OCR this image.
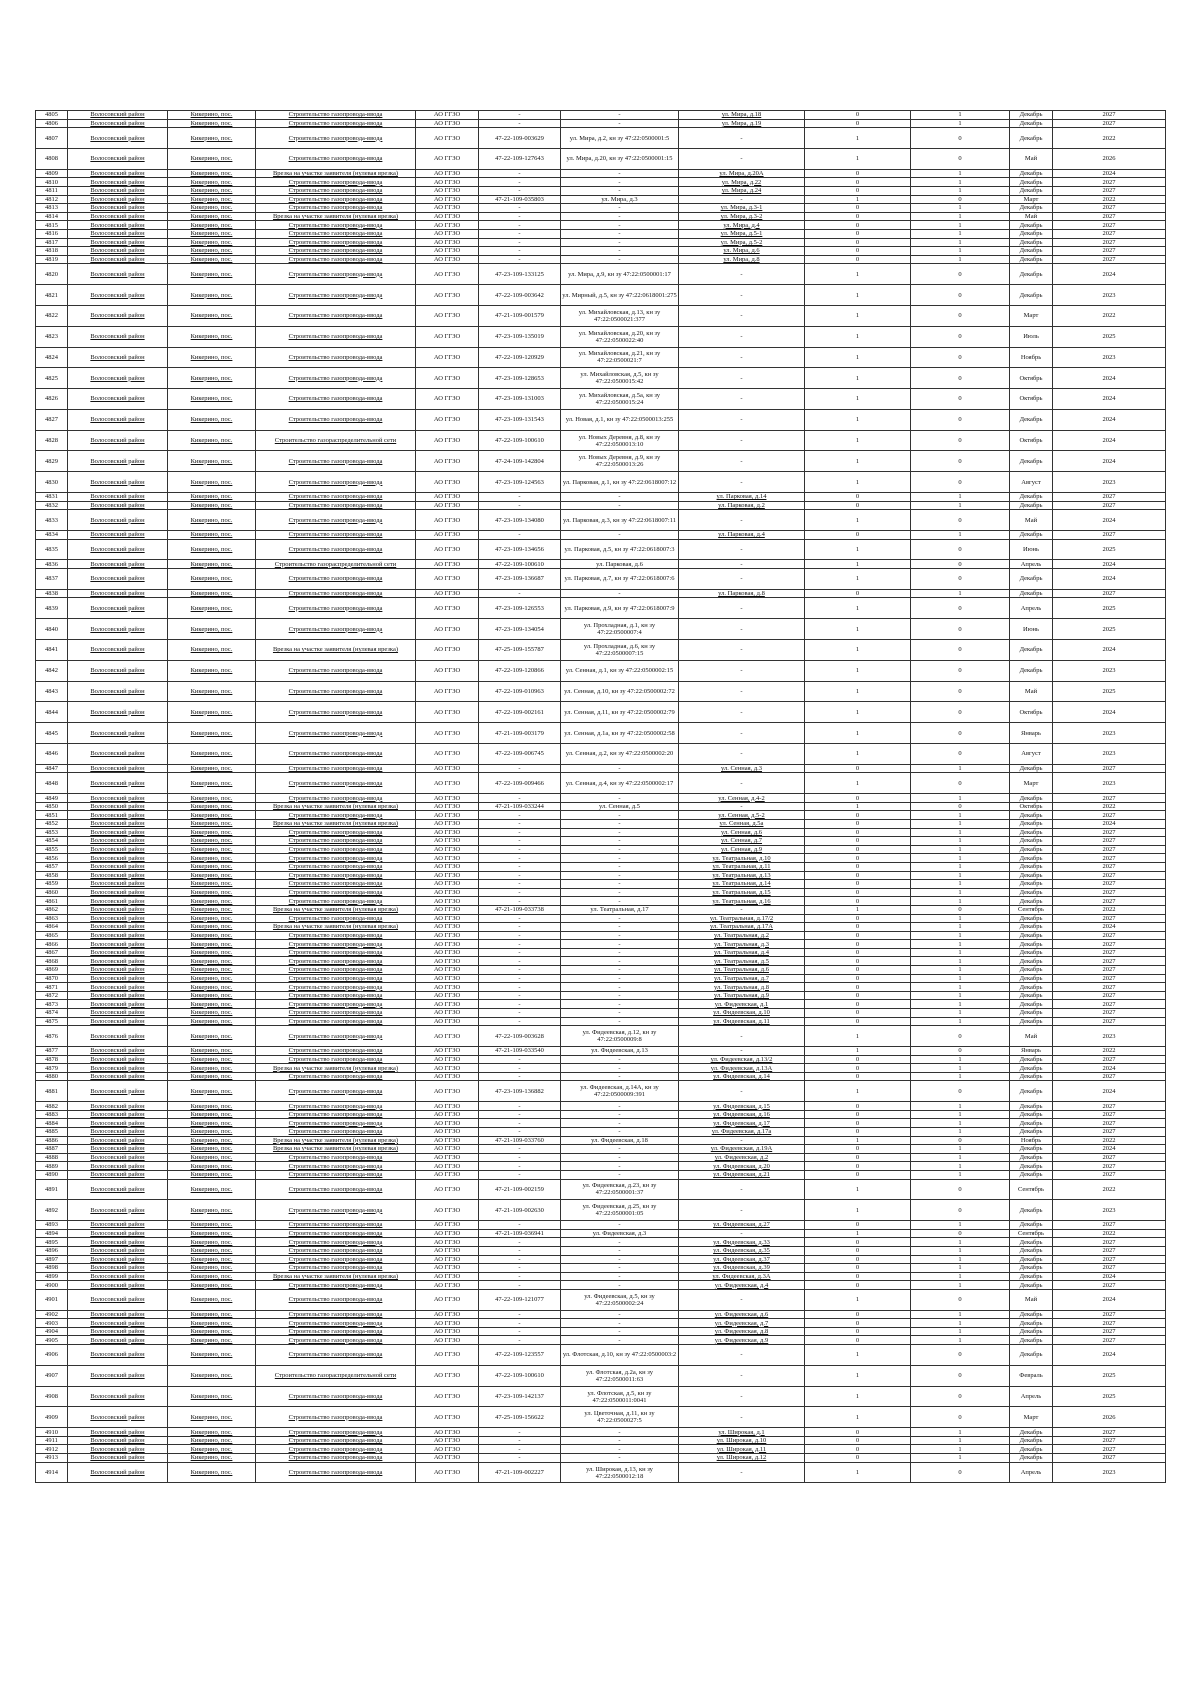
4805	Волосовский район	Кикерино, пос.	Строительство газопровода-ввода	АО ГГЗО	-	-	ул. Мира, д.18	0	1	Декабрь	2027
4806	Волосовский район	Кикерино, пос.	Строительство газопровода-ввода	АО ГГЗО	-	-	ул. Мира, д.19	0	1	Декабрь	2027
4807	Волосовский район	Кикерино, пос.	Строительство газопровода-ввода	АО ГГЗО	47-22-109-003629	ул. Мира, д.2, кн зу 47:22:0500001:5	-	1	0	Декабрь	2022
4808	Волосовский район	Кикерино, пос.	Строительство газопровода-ввода	АО ГГЗО	47-22-109-127643	ул. Мира, д.20, кн зу 47:22:0500001:15	-	1	0	Май	2026
4809	Волосовский район	Кикерино, пос.	Врезка на участке заявителя (нулевая врезка)	АО ГГЗО	-	-	ул. Мира, д.20А	0	1	Декабрь	2024
4810	Волосовский район	Кикерино, пос.	Строительство газопровода-ввода	АО ГГЗО	-	-	ул. Мира, д.22	0	1	Декабрь	2027
4811	Волосовский район	Кикерино, пос.	Строительство газопровода-ввода	АО ГГЗО	-	-	ул. Мира, д.24	0	1	Декабрь	2027
4812	Волосовский район	Кикерино, пос.	Строительство газопровода-ввода	АО ГГЗО	47-21-109-035803	ул. Мира, д.3	-	1	0	Март	2022
4813	Волосовский район	Кикерино, пос.	Строительство газопровода-ввода	АО ГГЗО	-	-	ул. Мира, д.3-1	0	1	Декабрь	2027
4814	Волосовский район	Кикерино, пос.	Врезка на участке заявителя (нулевая врезка)	АО ГГЗО	-	-	ул. Мира, д.3-2	0	1	Май	2027
4815	Волосовский район	Кикерино, пос.	Строительство газопровода-ввода	АО ГГЗО	-	-	ул. Мира, д.4	0	1	Декабрь	2027
4816	Волосовский район	Кикерино, пос.	Строительство газопровода-ввода	АО ГГЗО	-	-	ул. Мира, д.5-1	0	1	Декабрь	2027
4817	Волосовский район	Кикерино, пос.	Строительство газопровода-ввода	АО ГГЗО	-	-	ул. Мира, д.5-2	0	1	Декабрь	2027
4818	Волосовский район	Кикерино, пос.	Строительство газопровода-ввода	АО ГГЗО	-	-	ул. Мира, д.6	0	1	Декабрь	2027
4819	Волосовский район	Кикерино, пос.	Строительство газопровода-ввода	АО ГГЗО	-	-	ул. Мира, д.8	0	1	Декабрь	2027
4820	Волосовский район	Кикерино, пос.	Строительство газопровода-ввода	АО ГГЗО	47-23-109-133125	ул. Мира, д.9, кн зу 47:22:0500001:17	-	1	0	Декабрь	2024
4821	Волосовский район	Кикерино, пос.	Строительство газопровода-ввода	АО ГГЗО	47-22-109-003642	ул. Мирный, д.5, кн зу 47:22:0618001:275	-	1	0	Декабрь	2023
4822	Волосовский район	Кикерино, пос.	Строительство газопровода-ввода	АО ГГЗО	47-21-109-001579	ул. Михайловская, д.13, кн зу 47:22:0500021:377	-	1	0	Март	2022
4823	Волосовский район	Кикерино, пос.	Строительство газопровода-ввода	АО ГГЗО	47-23-109-135019	ул. Михайловская, д.20, кн зу 47:22:0500022:40	-	1	0	Июль	2025
4824	Волосовский район	Кикерино, пос.	Строительство газопровода-ввода	АО ГГЗО	47-22-109-120929	ул. Михайловская, д.21, кн зу 47:22:0500021:7	-	1	0	Ноябрь	2023
4825	Волосовский район	Кикерино, пос.	Строительство газопровода-ввода	АО ГГЗО	47-23-109-128653	ул. Михайловская, д.5, кн зу 47:22:0500015:42	-	1	0	Октябрь	2024
4826	Волосовский район	Кикерино, пос.	Строительство газопровода-ввода	АО ГГЗО	47-23-109-131003	ул. Михайловская, д.5а, кн зу 47:22:0500015:24	-	1	0	Октябрь	2024
4827	Волосовский район	Кикерино, пос.	Строительство газопровода-ввода	АО ГГЗО	47-23-109-131543	ул. Новая, д.1, кн зу 47:22:0500013:255	-	1	0	Декабрь	2024
4828	Волосовский район	Кикерино, пос.	Строительство газораспределительной сети	АО ГГЗО	47-22-109-100610	ул. Новых Деревня, д.8, кн зу 47:22:0500013:10	-	1	0	Октябрь	2024
4829	Волосовский район	Кикерино, пос.	Строительство газопровода-ввода	АО ГГЗО	47-24-109-142804	ул. Новых Деревня, д.9, кн зу 47:22:0500013:26	-	1	0	Декабрь	2024
4830	Волосовский район	Кикерино, пос.	Строительство газопровода-ввода	АО ГГЗО	47-23-109-124563	ул. Парковая, д.1, кн зу 47:22:0618007:12	-	1	0	Август	2023
4831	Волосовский район	Кикерино, пос.	Строительство газопровода-ввода	АО ГГЗО	-	-	ул. Парковая, д.14	0	1	Декабрь	2027
4832	Волосовский район	Кикерино, пос.	Строительство газопровода-ввода	АО ГГЗО	-	-	ул. Парковая, д.2	0	1	Декабрь	2027
4833	Волосовский район	Кикерино, пос.	Строительство газопровода-ввода	АО ГГЗО	47-23-109-134080	ул. Парковая, д.3, кн зу 47:22:0618007:11	-	1	0	Май	2024
4834	Волосовский район	Кикерино, пос.	Строительство газопровода-ввода	АО ГГЗО	-	-	ул. Парковая, д.4	0	1	Декабрь	2027
4835	Волосовский район	Кикерино, пос.	Строительство газопровода-ввода	АО ГГЗО	47-23-109-134656	ул. Парковая, д.5, кн зу 47:22:0618007:3	-	1	0	Июнь	2025
4836	Волосовский район	Кикерино, пос.	Строительство газораспределительной сети	АО ГГЗО	47-22-109-100610	ул. Парковая, д.6	-	1	0	Апрель	2024
4837	Волосовский район	Кикерино, пос.	Строительство газопровода-ввода	АО ГГЗО	47-23-109-136687	ул. Парковая, д.7, кн зу 47:22:0618007:6	-	1	0	Декабрь	2024
4838	Волосовский район	Кикерино, пос.	Строительство газопровода-ввода	АО ГГЗО	-	-	ул. Парковая, д.8	0	1	Декабрь	2027
4839	Волосовский район	Кикерино, пос.	Строительство газопровода-ввода	АО ГГЗО	47-23-109-126553	ул. Парковая, д.9, кн зу 47:22:0618007:9	-	1	0	Апрель	2025
4840	Волосовский район	Кикерино, пос.	Строительство газопровода-ввода	АО ГГЗО	47-23-109-134054	ул. Прохладная, д.1, кн зу 47:22:0500007:4	-	1	0	Июнь	2025
4841	Волосовский район	Кикерино, пос.	Врезка на участке заявителя (нулевая врезка)	АО ГГЗО	47-25-109-155787	ул. Прохладная, д.6, кн зу 47:22:0500007:15	-	1	0	Декабрь	2024
4842	Волосовский район	Кикерино, пос.	Строительство газопровода-ввода	АО ГГЗО	47-22-109-120866	ул. Сенная, д.1, кн зу 47:22:0500002:15	-	1	0	Декабрь	2023
4843	Волосовский район	Кикерино, пос.	Строительство газопровода-ввода	АО ГГЗО	47-22-109-010963	ул. Сенная, д.10, кн зу 47:22:0500002:72	-	1	0	Май	2025
4844	Волосовский район	Кикерино, пос.	Строительство газопровода-ввода	АО ГГЗО	47-22-109-002161	ул. Сенная, д.11, кн зу 47:22:0500002:79	-	1	0	Октябрь	2024
4845	Волосовский район	Кикерино, пос.	Строительство газопровода-ввода	АО ГГЗО	47-21-109-003179	ул. Сенная, д.1а, кн зу 47:22:0500002:58	-	1	0	Январь	2023
4846	Волосовский район	Кикерино, пос.	Строительство газопровода-ввода	АО ГГЗО	47-22-109-006745	ул. Сенная, д.2, кн зу 47:22:0500002:20	-	1	0	Август	2023
4847	Волосовский район	Кикерино, пос.	Строительство газопровода-ввода	АО ГГЗО	-	-	ул. Сенная, д.3	0	1	Декабрь	2027
4848	Волосовский район	Кикерино, пос.	Строительство газопровода-ввода	АО ГГЗО	47-22-109-009466	ул. Сенная, д.4, кн зу 47:22:0500002:17	-	1	0	Март	2023
4849	Волосовский район	Кикерино, пос.	Строительство газопровода-ввода	АО ГГЗО	-	-	ул. Сенная, д.4-2	0	1	Декабрь	2027
4850	Волосовский район	Кикерино, пос.	Врезка на участке заявителя (нулевая врезка)	АО ГГЗО	47-21-109-033244	ул. Сенная, д.5	-	1	0	Октябрь	2022
4851	Волосовский район	Кикерино, пос.	Строительство газопровода-ввода	АО ГГЗО	-	-	ул. Сенная, д.5-2	0	1	Декабрь	2027
4852	Волосовский район	Кикерино, пос.	Врезка на участке заявителя (нулевая врезка)	АО ГГЗО	-	-	ул. Сенная, д.5а	0	1	Декабрь	2024
4853	Волосовский район	Кикерино, пос.	Строительство газопровода-ввода	АО ГГЗО	-	-	ул. Сенная, д.6	0	1	Декабрь	2027
4854	Волосовский район	Кикерино, пос.	Строительство газопровода-ввода	АО ГГЗО	-	-	ул. Сенная, д.7	0	1	Декабрь	2027
4855	Волосовский район	Кикерино, пос.	Строительство газопровода-ввода	АО ГГЗО	-	-	ул. Сенная, д.9	0	1	Декабрь	2027
4856	Волосовский район	Кикерино, пос.	Строительство газопровода-ввода	АО ГГЗО	-	-	ул. Театральная, д.10	0	1	Декабрь	2027
4857	Волосовский район	Кикерино, пос.	Строительство газопровода-ввода	АО ГГЗО	-	-	ул. Театральная, д.11	0	1	Декабрь	2027
4858	Волосовский район	Кикерино, пос.	Строительство газопровода-ввода	АО ГГЗО	-	-	ул. Театральная, д.13	0	1	Декабрь	2027
4859	Волосовский район	Кикерино, пос.	Строительство газопровода-ввода	АО ГГЗО	-	-	ул. Театральная, д.14	0	1	Декабрь	2027
4860	Волосовский район	Кикерино, пос.	Строительство газопровода-ввода	АО ГГЗО	-	-	ул. Театральная, д.15	0	1	Декабрь	2027
4861	Волосовский район	Кикерино, пос.	Строительство газопровода-ввода	АО ГГЗО	-	-	ул. Театральная, д.16	0	1	Декабрь	2027
4862	Волосовский район	Кикерино, пос.	Врезка на участке заявителя (нулевая врезка)	АО ГГЗО	47-21-109-033738	ул. Театральная, д.17	-	1	0	Сентябрь	2022
4863	Волосовский район	Кикерино, пос.	Строительство газопровода-ввода	АО ГГЗО	-	-	ул. Театральная, д.17/2	0	1	Декабрь	2027
4864	Волосовский район	Кикерино, пос.	Врезка на участке заявителя (нулевая врезка)	АО ГГЗО	-	-	ул. Театральная, д.17А	0	1	Декабрь	2024
4865	Волосовский район	Кикерино, пос.	Строительство газопровода-ввода	АО ГГЗО	-	-	ул. Театральная, д.2	0	1	Декабрь	2027
4866	Волосовский район	Кикерино, пос.	Строительство газопровода-ввода	АО ГГЗО	-	-	ул. Театральная, д.3	0	1	Декабрь	2027
4867	Волосовский район	Кикерино, пос.	Строительство газопровода-ввода	АО ГГЗО	-	-	ул. Театральная, д.4	0	1	Декабрь	2027
4868	Волосовский район	Кикерино, пос.	Строительство газопровода-ввода	АО ГГЗО	-	-	ул. Театральная, д.5	0	1	Декабрь	2027
4869	Волосовский район	Кикерино, пос.	Строительство газопровода-ввода	АО ГГЗО	-	-	ул. Театральная, д.6	0	1	Декабрь	2027
4870	Волосовский район	Кикерино, пос.	Строительство газопровода-ввода	АО ГГЗО	-	-	ул. Театральная, д.7	0	1	Декабрь	2027
4871	Волосовский район	Кикерино, пос.	Строительство газопровода-ввода	АО ГГЗО	-	-	ул. Театральная, д.8	0	1	Декабрь	2027
4872	Волосовский район	Кикерино, пос.	Строительство газопровода-ввода	АО ГГЗО	-	-	ул. Театральная, д.9	0	1	Декабрь	2027
4873	Волосовский район	Кикерино, пос.	Строительство газопровода-ввода	АО ГГЗО	-	-	ул. Фидеевская, д.1	0	1	Декабрь	2027
4874	Волосовский район	Кикерино, пос.	Строительство газопровода-ввода	АО ГГЗО	-	-	ул. Фидеевская, д.10	0	1	Декабрь	2027
4875	Волосовский район	Кикерино, пос.	Строительство газопровода-ввода	АО ГГЗО	-	-	ул. Фидеевская, д.11	0	1	Декабрь	2027
4876	Волосовский район	Кикерино, пос.	Строительство газопровода-ввода	АО ГГЗО	47-22-109-003628	ул. Фидеевская, д.12, кн зу 47:22:0500009:8	-	1	0	Май	2023
4877	Волосовский район	Кикерино, пос.	Строительство газопровода-ввода	АО ГГЗО	47-21-109-033540	ул. Фидеевская, д.13	-	1	0	Январь	2022
4878	Волосовский район	Кикерино, пос.	Строительство газопровода-ввода	АО ГГЗО	-	-	ул. Фидеевская, д.13/2	0	1	Декабрь	2027
4879	Волосовский район	Кикерино, пос.	Врезка на участке заявителя (нулевая врезка)	АО ГГЗО	-	-	ул. Фидеевская, д.13А	0	1	Декабрь	2024
4880	Волосовский район	Кикерино, пос.	Строительство газопровода-ввода	АО ГГЗО	-	-	ул. Фидеевская, д.14	0	1	Декабрь	2027
4881	Волосовский район	Кикерино, пос.	Строительство газопровода-ввода	АО ГГЗО	47-23-109-136882	ул. Фидеевская, д.14А, кн зу 47:22:0500009:391	-	1	0	Декабрь	2024
4882	Волосовский район	Кикерино, пос.	Строительство газопровода-ввода	АО ГГЗО	-	-	ул. Фидеевская, д.15	0	1	Декабрь	2027
4883	Волосовский район	Кикерино, пос.	Строительство газопровода-ввода	АО ГГЗО	-	-	ул. Фидеевская, д.16	0	1	Декабрь	2027
4884	Волосовский район	Кикерино, пос.	Строительство газопровода-ввода	АО ГГЗО	-	-	ул. Фидеевская, д.17	0	1	Декабрь	2027
4885	Волосовский район	Кикерино, пос.	Строительство газопровода-ввода	АО ГГЗО	-	-	ул. Фидеевская, д.17а	0	1	Декабрь	2027
4886	Волосовский район	Кикерино, пос.	Врезка на участке заявителя (нулевая врезка)	АО ГГЗО	47-21-109-033760	ул. Фидеевская, д.18	-	1	0	Ноябрь	2022
4887	Волосовский район	Кикерино, пос.	Врезка на участке заявителя (нулевая врезка)	АО ГГЗО	-	-	ул. Фидеевская, д.19А	0	1	Декабрь	2024
4888	Волосовский район	Кикерино, пос.	Строительство газопровода-ввода	АО ГГЗО	-	-	ул. Фидеевская, д.2	0	1	Декабрь	2027
4889	Волосовский район	Кикерино, пос.	Строительство газопровода-ввода	АО ГГЗО	-	-	ул. Фидеевская, д.20	0	1	Декабрь	2027
4890	Волосовский район	Кикерино, пос.	Строительство газопровода-ввода	АО ГГЗО	-	-	ул. Фидеевская, д.21	0	1	Декабрь	2027
4891	Волосовский район	Кикерино, пос.	Строительство газопровода-ввода	АО ГГЗО	47-21-109-002159	ул. Фидеевская, д.23, кн зу 47:22:0500001:37	-	1	0	Сентябрь	2022
4892	Волосовский район	Кикерино, пос.	Строительство газопровода-ввода	АО ГГЗО	47-21-109-002630	ул. Фидеевская, д.25, кн зу 47:22:0500001:05	-	1	0	Декабрь	2023
4893	Волосовский район	Кикерино, пос.	Строительство газопровода-ввода	АО ГГЗО	-	-	ул. Фидеевская, д.27	0	1	Декабрь	2027
4894	Волосовский район	Кикерино, пос.	Строительство газопровода-ввода	АО ГГЗО	47-21-109-036941	ул. Фидеевская, д.3	-	1	0	Сентябрь	2022
4895	Волосовский район	Кикерино, пос.	Строительство газопровода-ввода	АО ГГЗО	-	-	ул. Фидеевская, д.33	0	1	Декабрь	2027
4896	Волосовский район	Кикерино, пос.	Строительство газопровода-ввода	АО ГГЗО	-	-	ул. Фидеевская, д.35	0	1	Декабрь	2027
4897	Волосовский район	Кикерино, пос.	Строительство газопровода-ввода	АО ГГЗО	-	-	ул. Фидеевская, д.37	0	1	Декабрь	2027
4898	Волосовский район	Кикерино, пос.	Строительство газопровода-ввода	АО ГГЗО	-	-	ул. Фидеевская, д.39	0	1	Декабрь	2027
4899	Волосовский район	Кикерино, пос.	Врезка на участке заявителя (нулевая врезка)	АО ГГЗО	-	-	ул. Фидеевская, д.3А	0	1	Декабрь	2024
4900	Волосовский район	Кикерино, пос.	Строительство газопровода-ввода	АО ГГЗО	-	-	ул. Фидеевская, д.4	0	1	Декабрь	2027
4901	Волосовский район	Кикерино, пос.	Строительство газопровода-ввода	АО ГГЗО	47-22-109-121077	ул. Фидеевская, д.5, кн зу 47:22:0500002:24	-	1	0	Май	2024
4902	Волосовский район	Кикерино, пос.	Строительство газопровода-ввода	АО ГГЗО	-	-	ул. Фидеевская, д.6	0	1	Декабрь	2027
4903	Волосовский район	Кикерино, пос.	Строительство газопровода-ввода	АО ГГЗО	-	-	ул. Фидеевская, д.7	0	1	Декабрь	2027
4904	Волосовский район	Кикерино, пос.	Строительство газопровода-ввода	АО ГГЗО	-	-	ул. Фидеевская, д.8	0	1	Декабрь	2027
4905	Волосовский район	Кикерино, пос.	Строительство газопровода-ввода	АО ГГЗО	-	-	ул. Фидеевская, д.9	0	1	Декабрь	2027
4906	Волосовский район	Кикерино, пос.	Строительство газопровода-ввода	АО ГГЗО	47-22-109-123557	ул. Флотская, д.10, кн зу 47:22:0500003:2	-	1	0	Декабрь	2024
4907	Волосовский район	Кикерино, пос.	Строительство газораспределительной сети	АО ГГЗО	47-22-109-100610	ул. Флотская, д.2а, кн зу 47:22:0500011:63	-	1	0	Февраль	2025
4908	Волосовский район	Кикерино, пос.	Строительство газопровода-ввода	АО ГГЗО	47-23-109-142137	ул. Флотская, д.5, кн зу 47:22:0500011:0041	-	1	0	Апрель	2025
4909	Волосовский район	Кикерино, пос.	Строительство газопровода-ввода	АО ГГЗО	47-25-109-156622	ул. Цветочная, д.11, кн зу 47:22:0500027:5	-	1	0	Март	2026
4910	Волосовский район	Кикерино, пос.	Строительство газопровода-ввода	АО ГГЗО	-	-	ул. Широкая, д.1	0	1	Декабрь	2027
4911	Волосовский район	Кикерино, пос.	Строительство газопровода-ввода	АО ГГЗО	-	-	ул. Широкая, д.10	0	1	Декабрь	2027
4912	Волосовский район	Кикерино, пос.	Строительство газопровода-ввода	АО ГГЗО	-	-	ул. Широкая, д.11	0	1	Декабрь	2027
4913	Волосовский район	Кикерино, пос.	Строительство газопровода-ввода	АО ГГЗО	-	-	ул. Широкая, д.12	0	1	Декабрь	2027
4914	Волосовский район	Кикерино, пос.	Строительство газопровода-ввода	АО ГГЗО	47-21-109-002227	ул. Широкая, д.13, кн зу 47:22:0500012:18	-	1	0	Апрель	2023
